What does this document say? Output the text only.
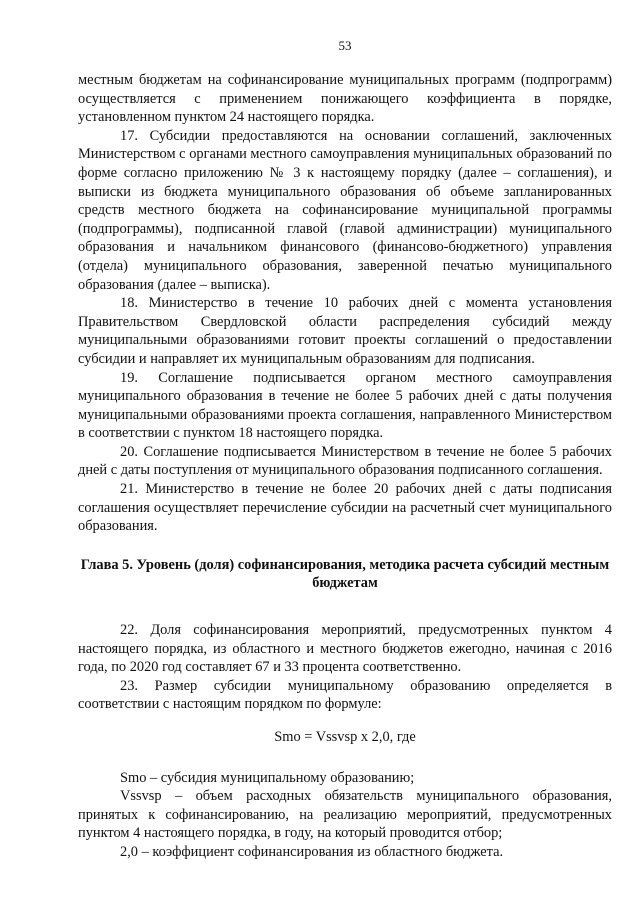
53

местным бюджетам на софинансирование муниципальных программ (подпрограмм) осуществляется с применением понижающего коэффициента в порядке, установленном пунктом 24 настоящего порядка.

17. Субсидии предоставляются на основании соглашений, заключенных Министерством с органами местного самоуправления муниципальных образований по форме согласно приложению № 3 к настоящему порядку (далее – соглашения), и выписки из бюджета муниципального образования об объеме запланированных средств местного бюджета на софинансирование муниципальной программы (подпрограммы), подписанной главой (главой администрации) муниципального образования и начальником финансового (финансово-бюджетного) управления (отдела) муниципального образования, заверенной печатью муниципального образования (далее – выписка).

18. Министерство в течение 10 рабочих дней с момента установления Правительством Свердловской области распределения субсидий между муниципальными образованиями готовит проекты соглашений о предоставлении субсидии и направляет их муниципальным образованиям для подписания.

19. Соглашение подписывается органом местного самоуправления муниципального образования в течение не более 5 рабочих дней с даты получения муниципальными образованиями проекта соглашения, направленного Министерством в соответствии с пунктом 18 настоящего порядка.

20. Соглашение подписывается Министерством в течение не более 5 рабочих дней с даты поступления от муниципального образования подписанного соглашения.

21. Министерство в течение не более 20 рабочих дней с даты подписания соглашения осуществляет перечисление субсидии на расчетный счет муниципального образования.

Глава 5. Уровень (доля) софинансирования, методика расчета субсидий местным бюджетам

22. Доля софинансирования мероприятий, предусмотренных пунктом 4 настоящего порядка, из областного и местного бюджетов ежегодно, начиная с 2016 года, по 2020 год составляет 67 и 33 процента соответственно.

23. Размер субсидии муниципальному образованию определяется в соответствии с настоящим порядком по формуле:

Smo = Vssvsp x 2,0, где

Smo – субсидия муниципальному образованию;

Vssvsp – объем расходных обязательств муниципального образования, принятых к софинансированию, на реализацию мероприятий, предусмотренных пунктом 4 настоящего порядка, в году, на который проводится отбор;

2,0 – коэффициент софинансирования из областного бюджета.
